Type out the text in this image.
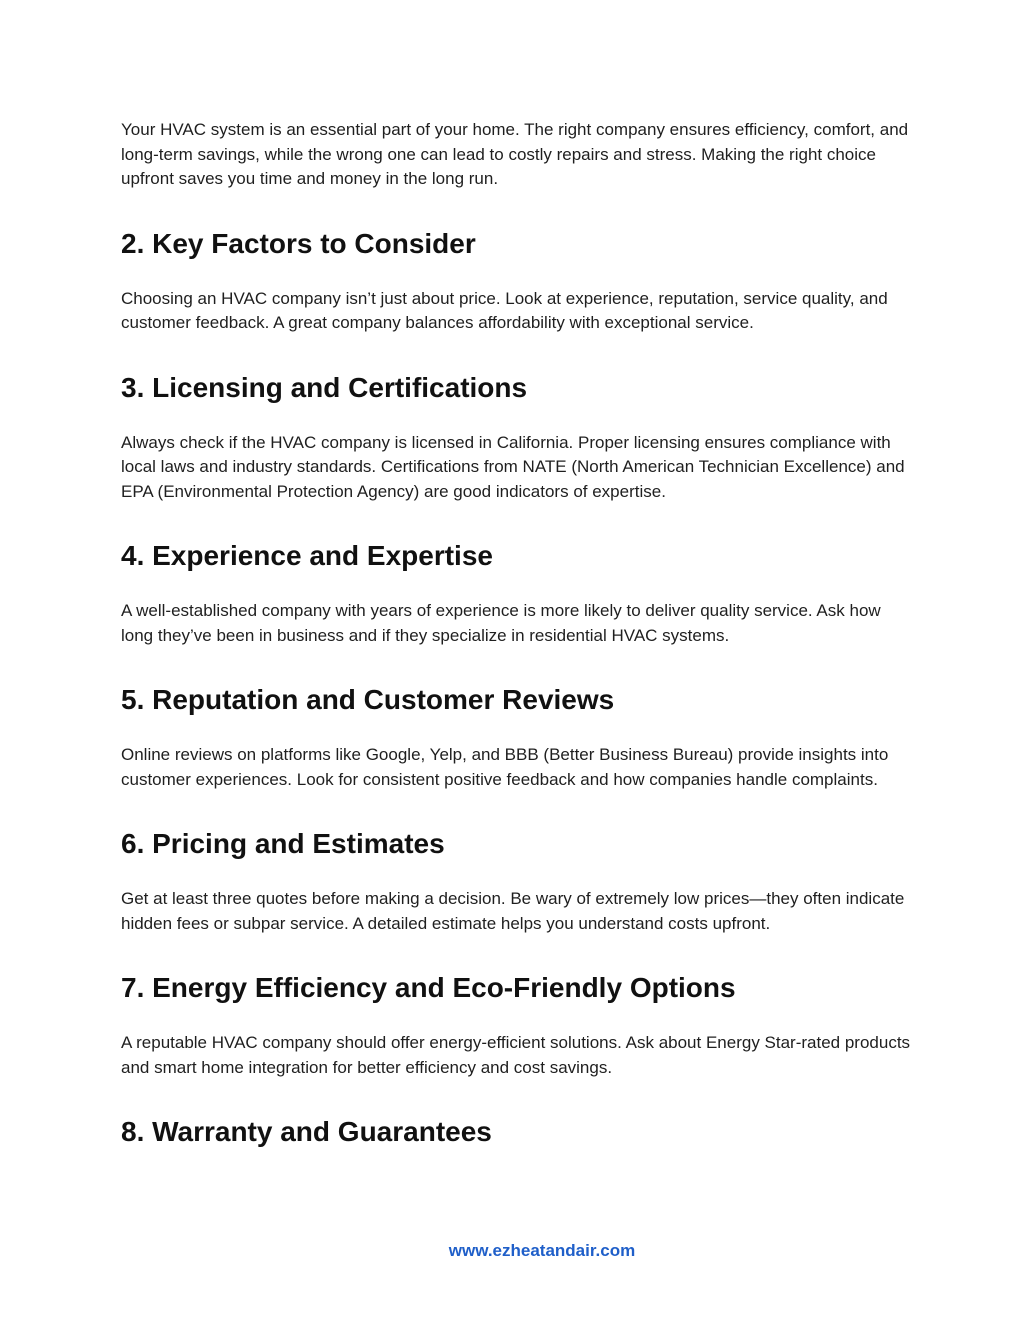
Your HVAC system is an essential part of your home. The right company ensures efficiency, comfort, and long-term savings, while the wrong one can lead to costly repairs and stress. Making the right choice upfront saves you time and money in the long run.

2. Key Factors to Consider

Choosing an HVAC company isn’t just about price. Look at experience, reputation, service quality, and customer feedback. A great company balances affordability with exceptional service.

3. Licensing and Certifications

Always check if the HVAC company is licensed in California. Proper licensing ensures compliance with local laws and industry standards. Certifications from NATE (North American Technician Excellence) and EPA (Environmental Protection Agency) are good indicators of expertise.

4. Experience and Expertise

A well-established company with years of experience is more likely to deliver quality service. Ask how long they’ve been in business and if they specialize in residential HVAC systems.

5. Reputation and Customer Reviews

Online reviews on platforms like Google, Yelp, and BBB (Better Business Bureau) provide insights into customer experiences. Look for consistent positive feedback and how companies handle complaints.

6. Pricing and Estimates

Get at least three quotes before making a decision. Be wary of extremely low prices—they often indicate hidden fees or subpar service. A detailed estimate helps you understand costs upfront.

7. Energy Efficiency and Eco-Friendly Options

A reputable HVAC company should offer energy-efficient solutions. Ask about Energy Star-rated products and smart home integration for better efficiency and cost savings.

8. Warranty and Guarantees
www.ezheatandair.com
